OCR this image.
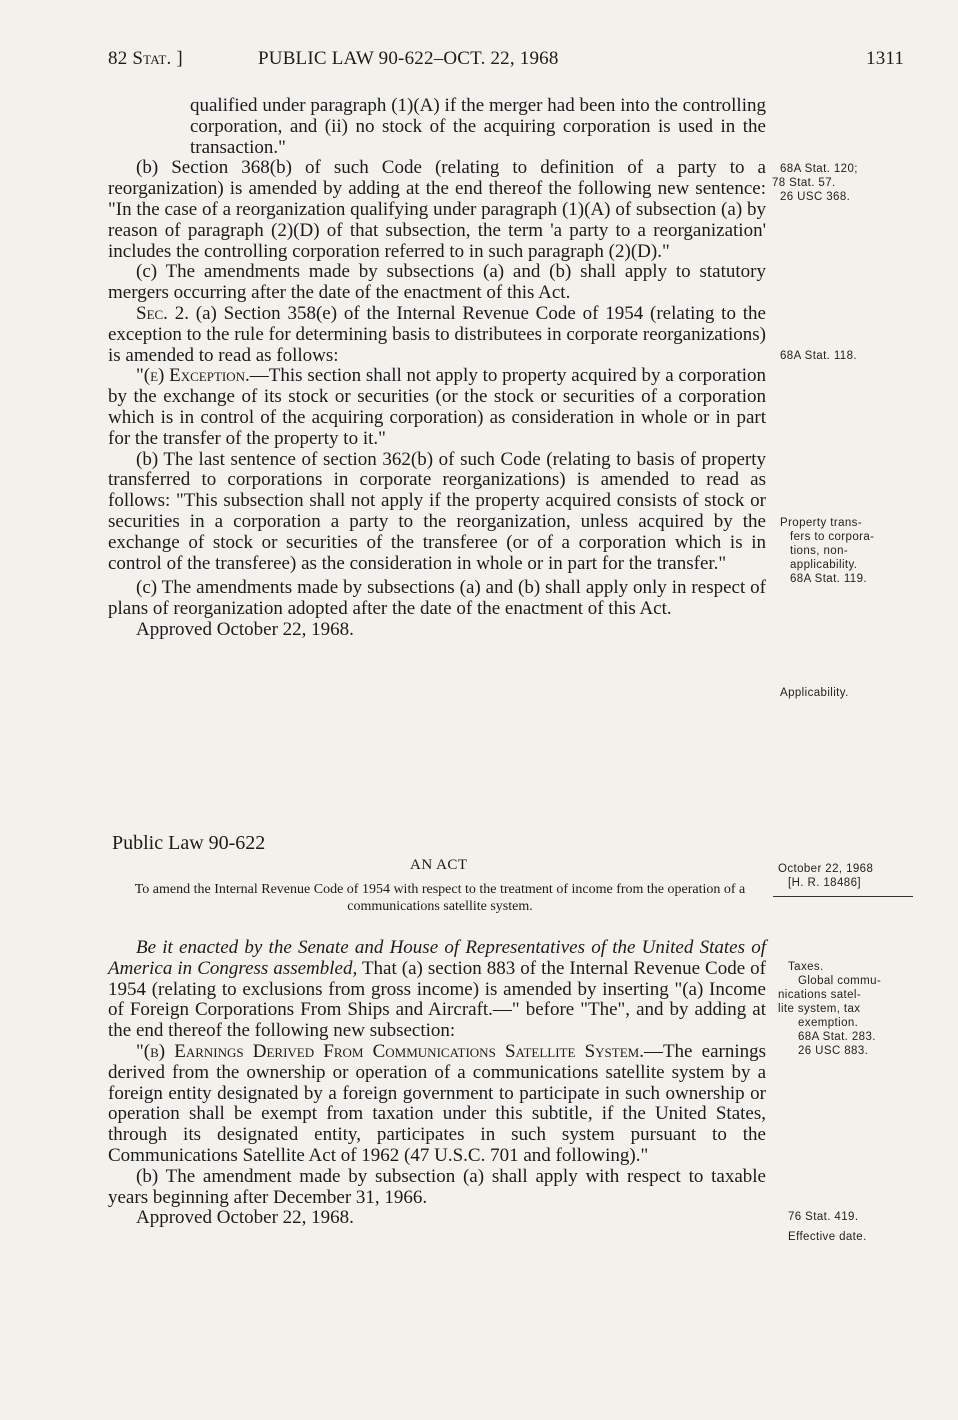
82 Stat. ]	PUBLIC LAW 90-622–OCT. 22, 1968	1311

qualified under paragraph (1)(A) if the merger had been into the controlling corporation, and (ii) no stock of the acquiring corporation is used in the transaction."

(b) Section 368(b) of such Code (relating to definition of a party to a reorganization) is amended by adding at the end thereof the following new sentence: "In the case of a reorganization qualifying under paragraph (1)(A) of subsection (a) by reason of paragraph (2)(D) of that subsection, the term 'a party to a reorganization' includes the controlling corporation referred to in such paragraph (2)(D)."

(c) The amendments made by subsections (a) and (b) shall apply to statutory mergers occurring after the date of the enactment of this Act.

Sec. 2. (a) Section 358(e) of the Internal Revenue Code of 1954 (relating to the exception to the rule for determining basis to distributees in corporate reorganizations) is amended to read as follows:

"(e) Exception.—This section shall not apply to property acquired by a corporation by the exchange of its stock or securities (or the stock or securities of a corporation which is in control of the acquiring corporation) as consideration in whole or in part for the transfer of the property to it."

(b) The last sentence of section 362(b) of such Code (relating to basis of property transferred to corporations in corporate reorganizations) is amended to read as follows: "This subsection shall not apply if the property acquired consists of stock or securities in a corporation a party to the reorganization, unless acquired by the exchange of stock or securities of the transferee (or of a corporation which is in control of the transferee) as the consideration in whole or in part for the transfer."

(c) The amendments made by subsections (a) and (b) shall apply only in respect of plans of reorganization adopted after the date of the enactment of this Act.

Approved October 22, 1968.

Public Law 90-622
AN ACT
To amend the Internal Revenue Code of 1954 with respect to the treatment of income from the operation of a communications satellite system.

Be it enacted by the Senate and House of Representatives of the United States of America in Congress assembled, That (a) section 883 of the Internal Revenue Code of 1954 (relating to exclusions from gross income) is amended by inserting "(a) Income of Foreign Corporations From Ships and Aircraft.—" before "The", and by adding at the end thereof the following new subsection:

"(b) Earnings Derived From Communications Satellite System.—The earnings derived from the ownership or operation of a communications satellite system by a foreign entity designated by a foreign government to participate in such ownership or operation shall be exempt from taxation under this subtitle, if the United States, through its designated entity, participates in such system pursuant to the Communications Satellite Act of 1962 (47 U.S.C. 701 and following)."

(b) The amendment made by subsection (a) shall apply with respect to taxable years beginning after December 31, 1966.

Approved October 22, 1968.

68A Stat. 120;
78 Stat. 57.
26 USC 368.
68A Stat. 118.
Property trans-
fers to corpora-
tions, non-
applicability.
68A Stat. 119.
Applicability.
October 22, 1968
[H. R. 18486]
Taxes.
Global commu-
nications satel-
lite system, tax
exemption.
68A Stat. 283.
26 USC 883.
76 Stat. 419.
Effective date.
